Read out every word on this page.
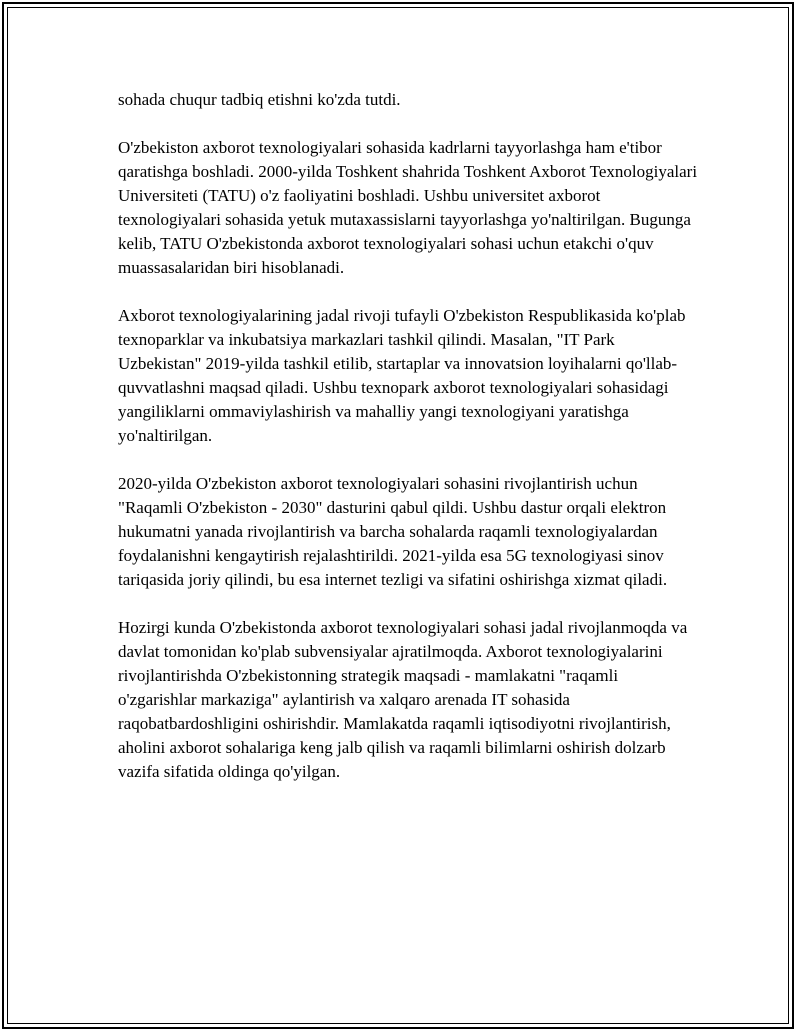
sohada chuqur tadbiq etishni ko'zda tutdi.

O'zbekiston axborot texnologiyalari sohasida kadrlarni tayyorlashga ham e'tibor qaratishga boshladi. 2000-yilda Toshkent shahrida Toshkent Axborot Texnologiyalari Universiteti (TATU) o'z faoliyatini boshladi. Ushbu universitet axborot texnologiyalari sohasida yetuk mutaxassislarni tayyorlashga yo'naltirilgan. Bugunga kelib, TATU O'zbekistonda axborot texnologiyalari sohasi uchun etakchi o'quv muassasalaridan biri hisoblanadi.

Axborot texnologiyalarining jadal rivoji tufayli O'zbekiston Respublikasida ko'plab texnoparklar va inkubatsiya markazlari tashkil qilindi. Masalan, "IT Park Uzbekistan" 2019-yilda tashkil etilib, startaplar va innovatsion loyihalarni qo'llab-quvvatlashni maqsad qiladi. Ushbu texnopark axborot texnologiyalari sohasidagi yangiliklarni ommaviylashirish va mahalliy yangi texnologiyani yaratishga yo'naltirilgan.

2020-yilda O'zbekiston axborot texnologiyalari sohasini rivojlantirish uchun "Raqamli O'zbekiston - 2030" dasturini qabul qildi. Ushbu dastur orqali elektron hukumatni yanada rivojlantirish va barcha sohalarda raqamli texnologiyalardan foydalanishni kengaytirish rejalashtirildi. 2021-yilda esa 5G texnologiyasi sinov tariqasida joriy qilindi, bu esa internet tezligi va sifatini oshirishga xizmat qiladi.

Hozirgi kunda O'zbekistonda axborot texnologiyalari sohasi jadal rivojlanmoqda va davlat tomonidan ko'plab subvensiyalar ajratilmoqda. Axborot texnologiyalarini rivojlantirishda O'zbekistonning strategik maqsadi - mamlakatni "raqamli o'zgarishlar markaziga" aylantirish va xalqaro arenada IT sohasida raqobatbardoshligini oshirishdir. Mamlakatda raqamli iqtisodiyotni rivojlantirish, aholini axborot sohalariga keng jalb qilish va raqamli bilimlarni oshirish dolzarb vazifa sifatida oldinga qo'yilgan.
